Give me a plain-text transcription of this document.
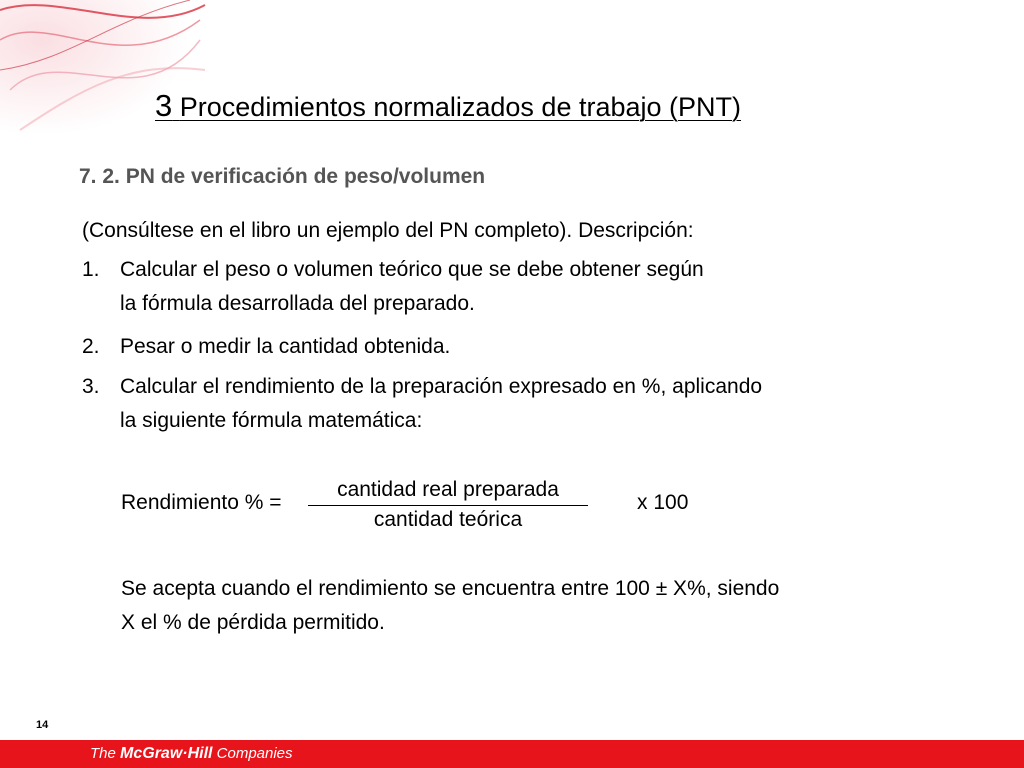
3 Procedimientos normalizados de trabajo (PNT)
7. 2. PN de verificación de peso/volumen
(Consúltese en el libro un ejemplo del PN completo). Descripción:
1. Calcular el peso o volumen teórico que se debe obtener según
la fórmula desarrollada del preparado.
2. Pesar o medir la cantidad obtenida.
3. Calcular el rendimiento de la preparación expresado en %, aplicando
la siguiente fórmula matemática:
Rendimiento % =
cantidad real preparada
cantidad teórica
x 100
Se acepta cuando el rendimiento se encuentra entre 100 ± X%, siendo
X el % de pérdida permitido.
14
The McGraw·Hill Companies
